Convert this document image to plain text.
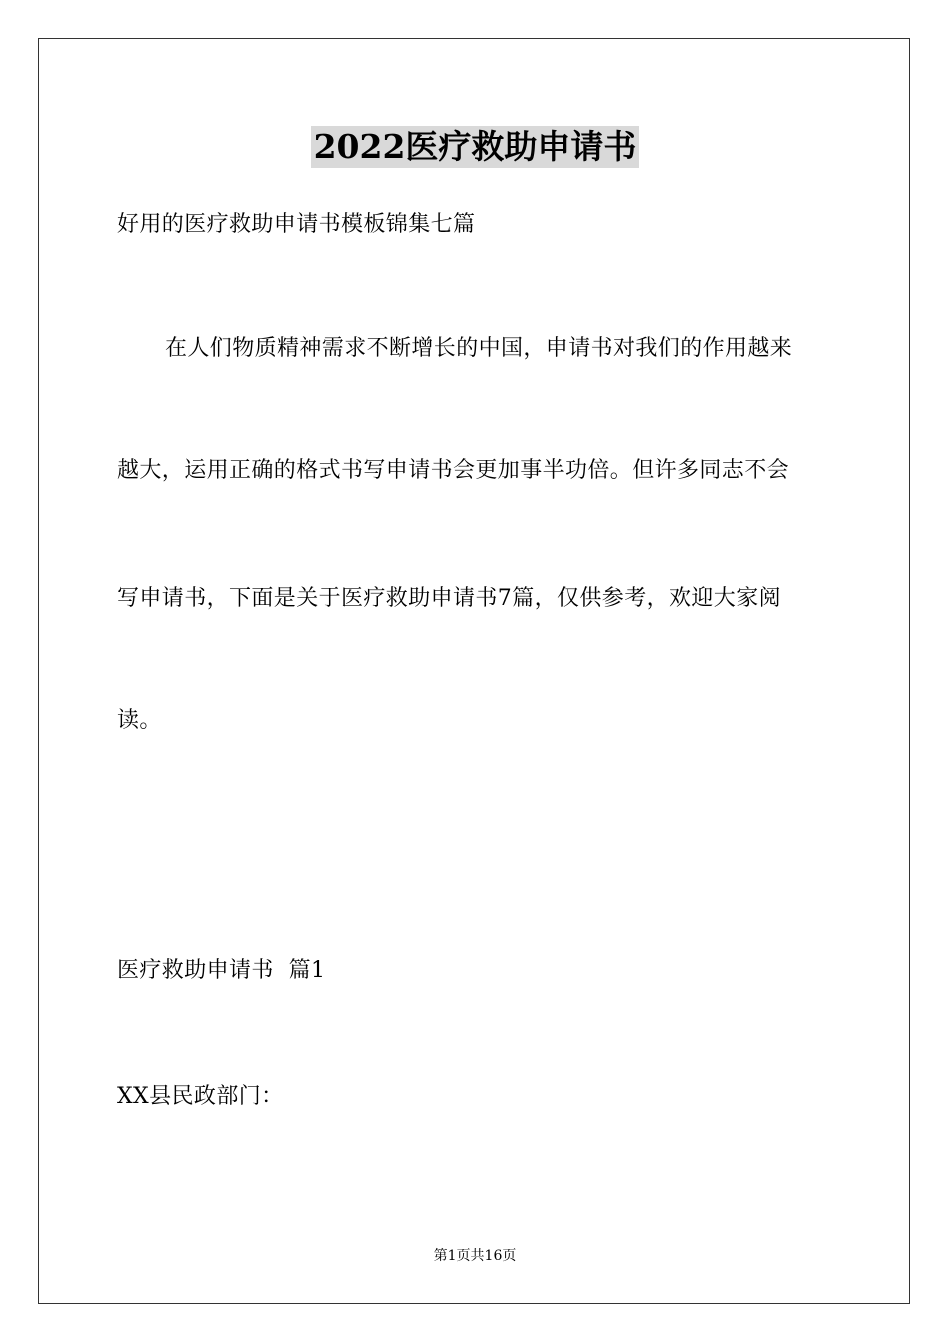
2022医疗救助申请书
好用的医疗救助申请书模板锦集七篇
在人们物质精神需求不断增长的中国，申请书对我们的作用越来
越大，运用正确的格式书写申请书会更加事半功倍。但许多同志不会
写申请书，下面是关于医疗救助申请书7篇，仅供参考，欢迎大家阅
读。
医疗救助申请书  篇1
XX县民政部门：
第1页共16页
